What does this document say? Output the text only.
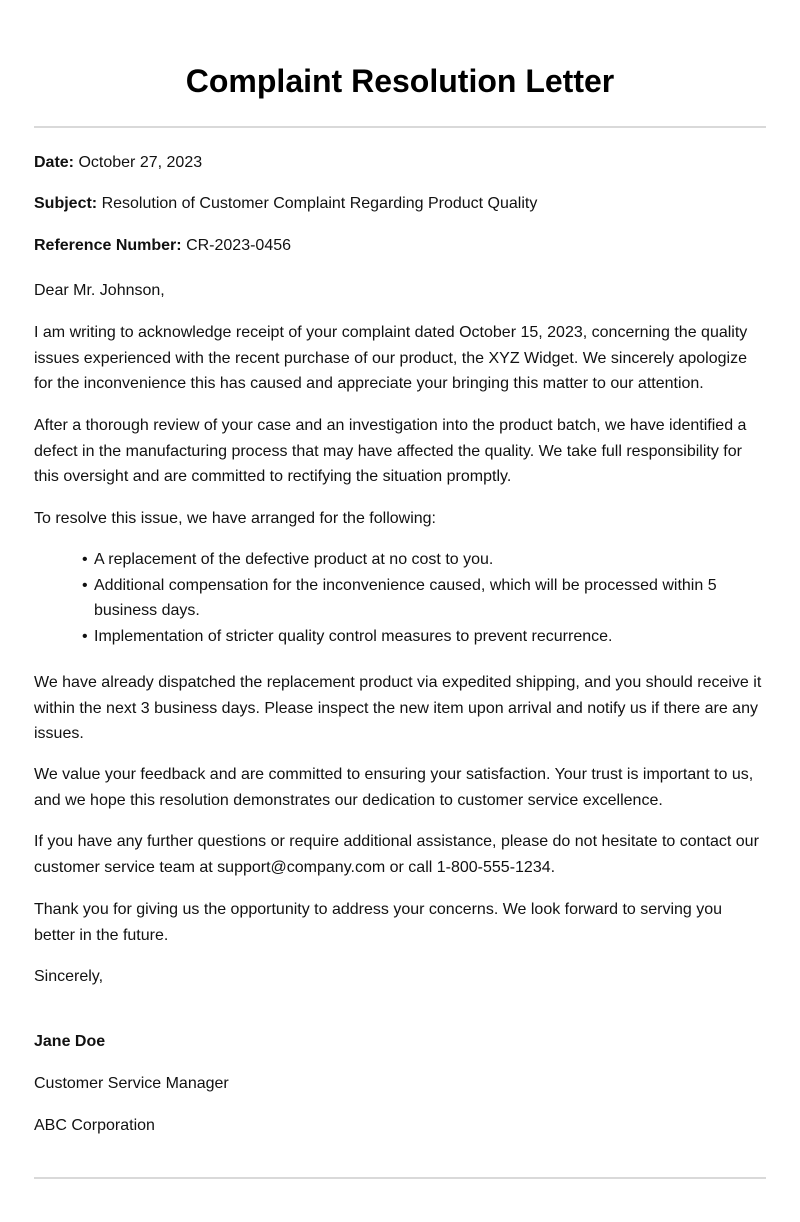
Complaint Resolution Letter

Date: October 27, 2023

Subject: Resolution of Customer Complaint Regarding Product Quality

Reference Number: CR-2023-0456

Dear Mr. Johnson,

I am writing to acknowledge receipt of your complaint dated October 15, 2023, concerning the quality issues experienced with the recent purchase of our product, the XYZ Widget. We sincerely apologize for the inconvenience this has caused and appreciate your bringing this matter to our attention.

After a thorough review of your case and an investigation into the product batch, we have identified a defect in the manufacturing process that may have affected the quality. We take full responsibility for this oversight and are committed to rectifying the situation promptly.

To resolve this issue, we have arranged for the following:

• A replacement of the defective product at no cost to you.
• Additional compensation for the inconvenience caused, which will be processed within 5 business days.
• Implementation of stricter quality control measures to prevent recurrence.

We have already dispatched the replacement product via expedited shipping, and you should receive it within the next 3 business days. Please inspect the new item upon arrival and notify us if there are any issues.

We value your feedback and are committed to ensuring your satisfaction. Your trust is important to us, and we hope this resolution demonstrates our dedication to customer service excellence.

If you have any further questions or require additional assistance, please do not hesitate to contact our customer service team at support@company.com or call 1-800-555-1234.

Thank you for giving us the opportunity to address your concerns. We look forward to serving you better in the future.

Sincerely,

Jane Doe

Customer Service Manager

ABC Corporation
